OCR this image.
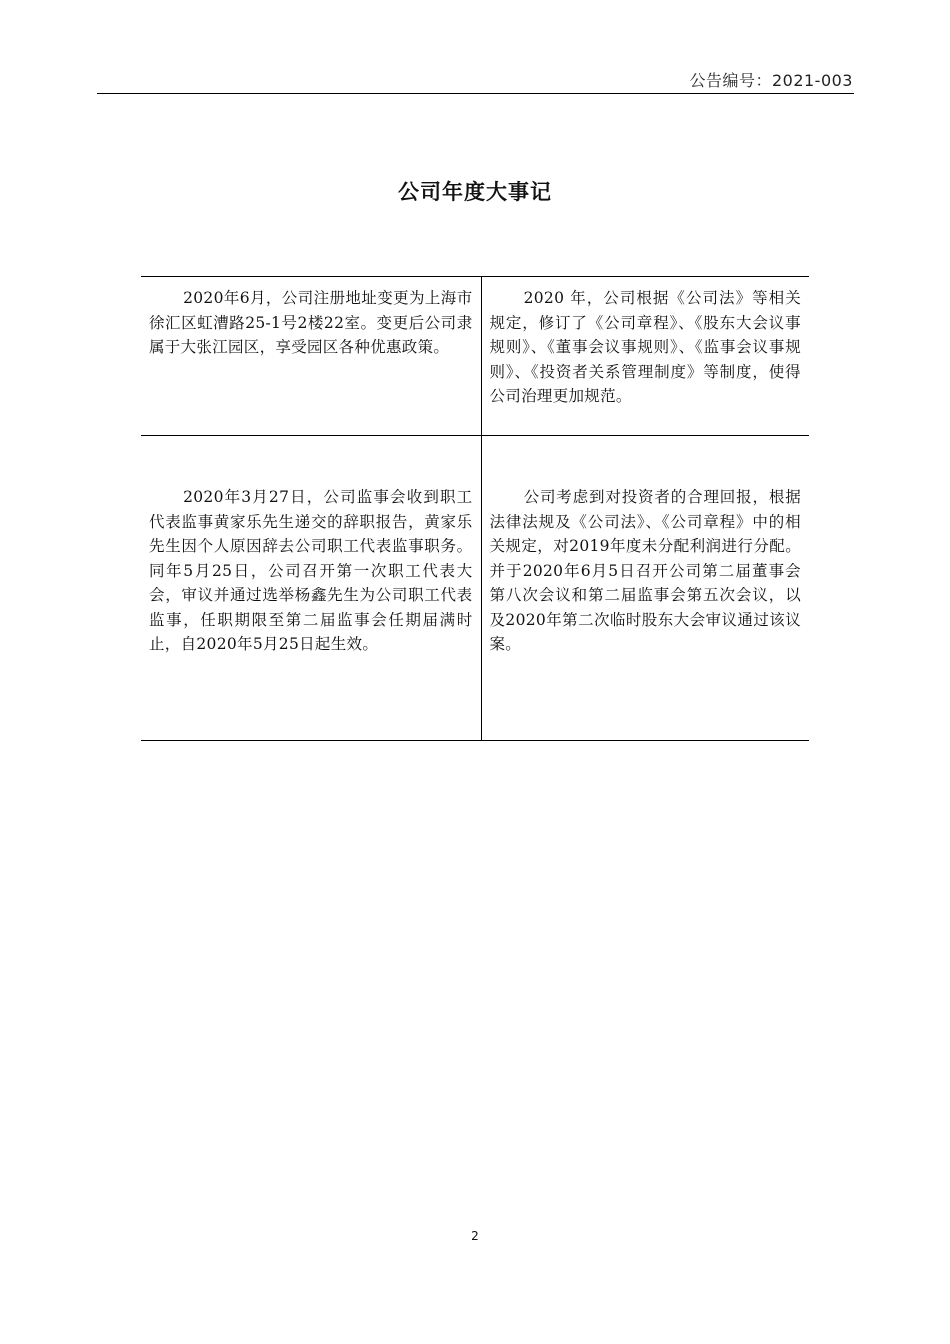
公告编号：2021-003
公司年度大事记

2020年6月，公司注册地址变更为上海市徐汇区虹漕路25-1号2楼22室。变更后公司隶属于大张江园区，享受园区各种优惠政策。	2020 年，公司根据《公司法》等相关规定，修订了《公司章程》、《股东大会议事规则》、《董事会议事规则》、《监事会议事规则》、《投资者关系管理制度》等制度，使得公司治理更加规范。

2020年3月27日，公司监事会收到职工代表监事黄家乐先生递交的辞职报告，黄家乐先生因个人原因辞去公司职工代表监事职务。同年5月25日，公司召开第一次职工代表大会，审议并通过选举杨鑫先生为公司职工代表监事，任职期限至第二届监事会任期届满时止，自2020年5月25日起生效。	公司考虑到对投资者的合理回报，根据法律法规及《公司法》、《公司章程》中的相关规定，对2019年度未分配利润进行分配。并于2020年6月5日召开公司第二届董事会第八次会议和第二届监事会第五次会议，以及2020年第二次临时股东大会审议通过该议案。

2
